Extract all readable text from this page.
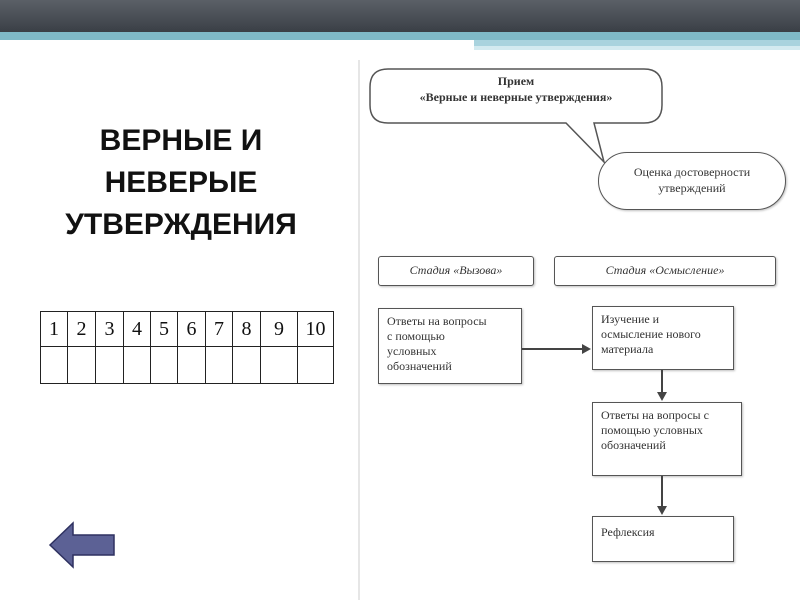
ВЕРНЫЕ И
НЕВЕРЫЕ
УТВЕРЖДЕНИЯ
1	2	3	4	5	6	7	8	9	10

Прием
«Верные и неверные утверждения»
Оценка достоверности
утверждений
Стадия «Вызова»	Стадия «Осмысление»
Ответы на вопросы
с помощью
условных
обозначений
Изучение и
осмысление нового
материала
Ответы на вопросы с
помощью условных
обозначений
Рефлексия
